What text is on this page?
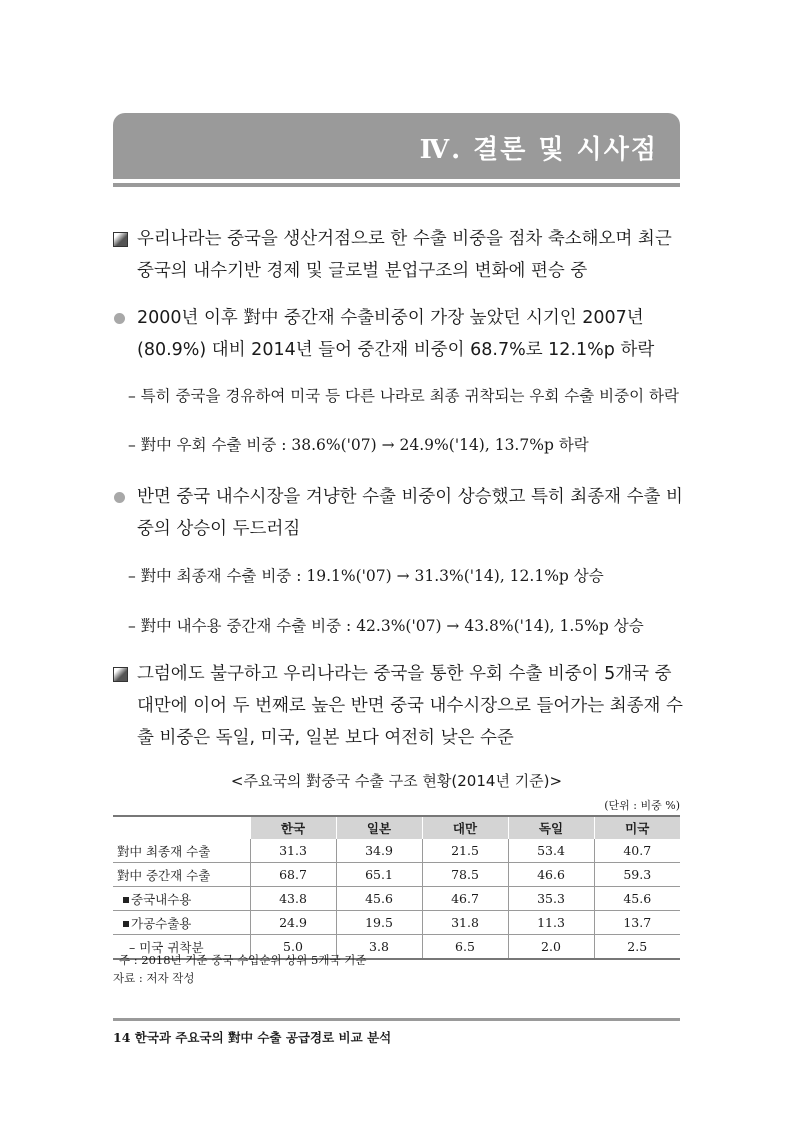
Ⅳ. 결론 및 시사점
우리나라는 중국을 생산거점으로 한 수출 비중을 점차 축소해오며 최근 중국의 내수기반 경제 및 글로벌 분업구조의 변화에 편승 중
2000년 이후 對中 중간재 수출비중이 가장 높았던 시기인 2007년 (80.9%) 대비 2014년 들어 중간재 비중이 68.7%로 12.1%p 하락
– 특히 중국을 경유하여 미국 등 다른 나라로 최종 귀착되는 우회 수출 비중이 하락
– 對中 우회 수출 비중 : 38.6%('07) → 24.9%('14), 13.7%p 하락
반면 중국 내수시장을 겨냥한 수출 비중이 상승했고 특히 최종재 수출 비중의 상승이 두드러짐
– 對中 최종재 수출 비중 : 19.1%('07) → 31.3%('14), 12.1%p 상승
– 對中 내수용 중간재 수출 비중 : 42.3%('07) → 43.8%('14), 1.5%p 상승
그럼에도 불구하고 우리나라는 중국을 통한 우회 수출 비중이 5개국 중 대만에 이어 두 번째로 높은 반면 중국 내수시장으로 들어가는 최종재 수출 비중은 독일, 미국, 일본 보다 여전히 낮은 수준
<주요국의 對중국 수출 구조 현황(2014년 기준)>
(단위 : 비중 %)
	한국	일본	대만	독일	미국
對中 최종재 수출	31.3	34.9	21.5	53.4	40.7
對中 중간재 수출	68.7	65.1	78.5	46.6	59.3
중국내수용	43.8	45.6	46.7	35.3	45.6
가공수출용	24.9	19.5	31.8	11.3	13.7
– 미국 귀착분	5.0	3.8	6.5	2.0	2.5
주 : 2018년 기준 중국 수입순위 상위 5개국 기준
자료 : 저자 작성
14 한국과 주요국의 對中 수출 공급경로 비교 분석
